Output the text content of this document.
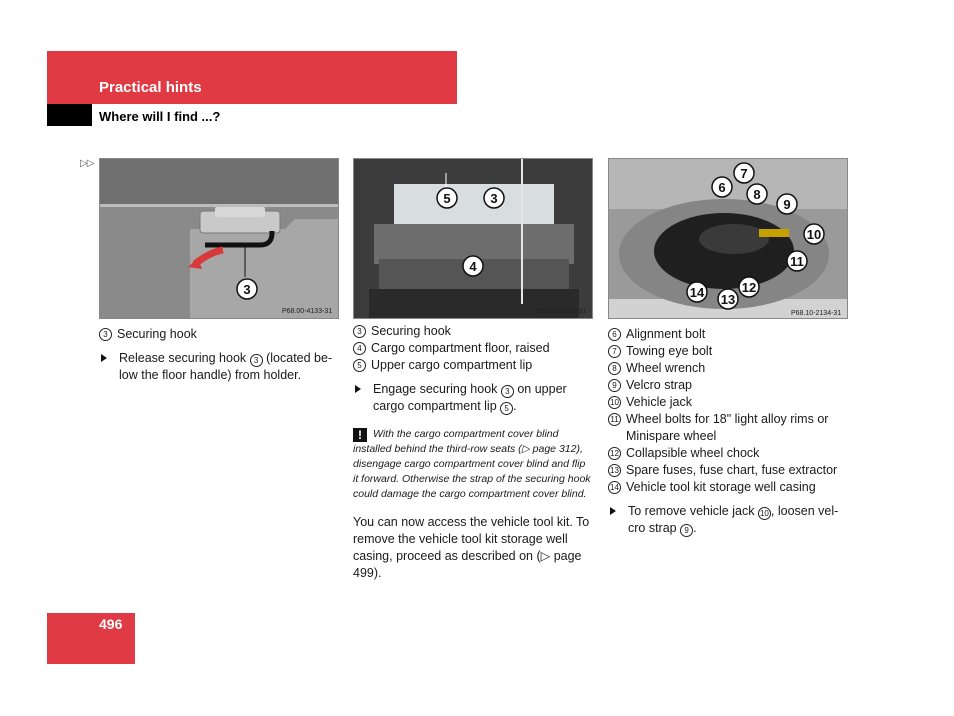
Practical hints
Where will I find ...?
▷▷
3
P68.00-4133-31
5	3
4
P68.00-4134-31
6
7
8
9
10
11
12
13
14
P68.10-2134-31
3 Securing hook
Release securing hook 3 (located be-low the floor handle) from holder.
3 Securing hook
4 Cargo compartment floor, raised
5 Upper cargo compartment lip
Engage securing hook 3 on upper cargo compartment lip 5 .
! With the cargo compartment cover blind installed behind the third-row seats (▷ page 312), disengage cargo compartment cover blind and flip it forward. Otherwise the strap of the securing hook could damage the cargo compartment cover blind.
You can now access the vehicle tool kit. To remove the vehicle tool kit storage well casing, proceed as described on (▷ page 499).
6 Alignment bolt
7 Towing eye bolt
8 Wheel wrench
9 Velcro strap
10 Vehicle jack
11 Wheel bolts for 18" light alloy rims or Minispare wheel
12 Collapsible wheel chock
13 Spare fuses, fuse chart, fuse extractor
14 Vehicle tool kit storage well casing
To remove vehicle jack 10 , loosen vel-cro strap 9 .
496
